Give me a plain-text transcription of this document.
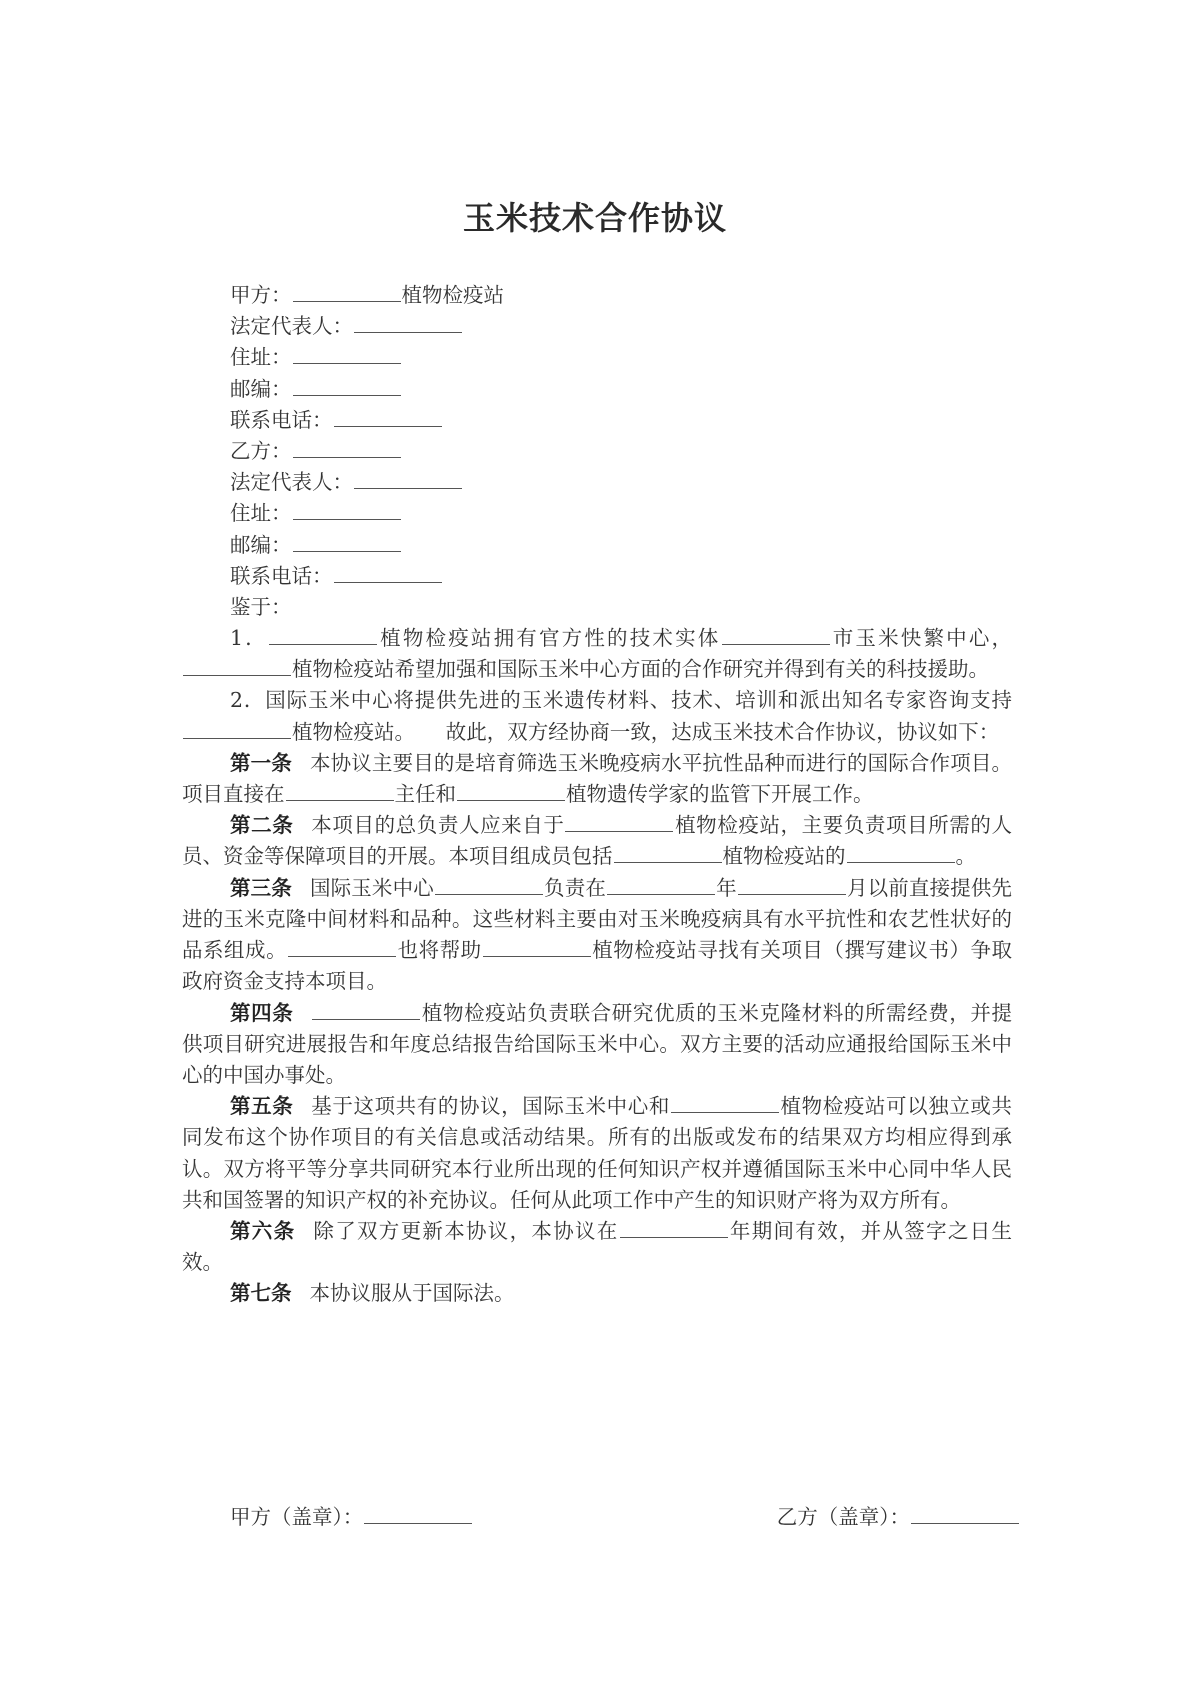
玉米技术合作协议
甲方：	植物检疫站
法定代表人：
住址：
邮编：
联系电话：
乙方：
法定代表人：
住址：
邮编：
联系电话：
鉴于：
1．	植物检疫站拥有官方性的技术实体	市玉米快繁中心，植物检疫站希望加强和国际玉米中心方面的合作研究并得到有关的科技援助。
2．国际玉米中心将提供先进的玉米遗传材料、技术、培训和派出知名专家咨询支持植物检疫站。　　故此，双方经协商一致，达成玉米技术合作协议，协议如下：
第一条 本协议主要目的是培育筛选玉米晚疫病水平抗性品种而进行的国际合作项目。项目直接在	主任和	植物遗传学家的监管下开展工作。
第二条 本项目的总负责人应来自于	植物检疫站，主要负责项目所需的人员、资金等保障项目的开展。本项目组成员包括	植物检疫站的	。
第三条 国际玉米中心	负责在	年	月以前直接提供先进的玉米克隆中间材料和品种。这些材料主要由对玉米晚疫病具有水平抗性和农艺性状好的品系组成。	也将帮助	植物检疫站寻找有关项目（撰写建议书）争取政府资金支持本项目。
第四条	植物检疫站负责联合研究优质的玉米克隆材料的所需经费，并提供项目研究进展报告和年度总结报告给国际玉米中心。双方主要的活动应通报给国际玉米中心的中国办事处。
第五条 基于这项共有的协议，国际玉米中心和	植物检疫站可以独立或共同发布这个协作项目的有关信息或活动结果。所有的出版或发布的结果双方均相应得到承认。双方将平等分享共同研究本行业所出现的任何知识产权并遵循国际玉米中心同中华人民共和国签署的知识产权的补充协议。任何从此项工作中产生的知识财产将为双方所有。
第六条 除了双方更新本协议，本协议在	年期间有效，并从签字之日生效。
第七条 本协议服从于国际法。
甲方（盖章）：	乙方（盖章）：
